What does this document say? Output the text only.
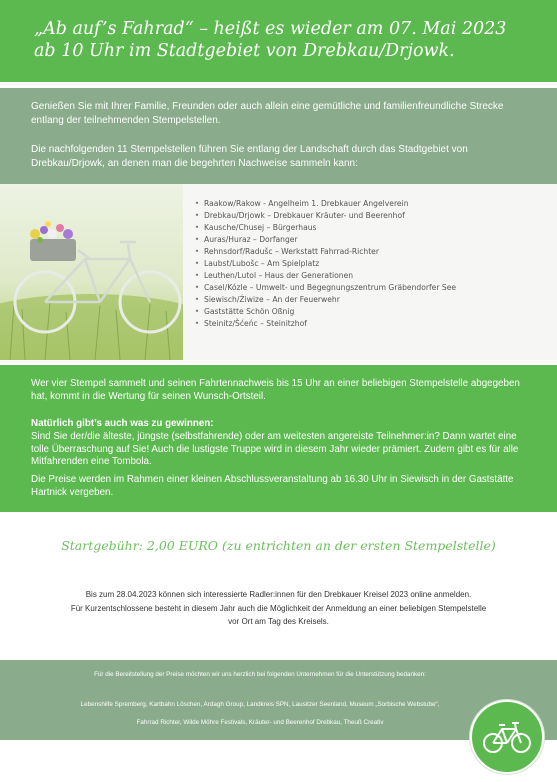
„Ab auf’s Fahrad“ – heißt es wieder am 07. Mai 2023
ab 10 Uhr im Stadtgebiet von Drebkau/Drjowk.

Genießen Sie mit Ihrer Familie, Freunden oder auch allein eine gemütliche und familienfreundliche Strecke entlang der teilnehmenden Stempelstellen.

Die nachfolgenden 11 Stempelstellen führen Sie entlang der Landschaft durch das Stadtgebiet von Drebkau/Drjowk, an denen man die begehrten Nachweise sammeln kann:

• Raakow/Rakow - Angelheim 1. Drebkauer Angelverein
• Drebkau/Drjowk – Drebkauer Kräuter- und Beerenhof
• Kausche/Chusej – Bürgerhaus
• Auras/Huraz – Dorfanger
• Rehnsdorf/Radušc – Werkstatt Fahrrad-Richter
• Laubst/Lubošc – Am Spielplatz
• Leuthen/Lutol – Haus der Generationen
• Casel/Kózle – Umwelt- und Begegnungszentrum Gräbendorfer See
• Siewisch/Źiwize – An der Feuerwehr
• Gaststätte Schön Oßnig
• Steinitz/Šćeńc – Steinitzhof

Wer vier Stempel sammelt und seinen Fahrtennachweis bis 15 Uhr an einer beliebigen Stempelstelle abgegeben hat, kommt in die Wertung für seinen Wunsch-Ortsteil.

Natürlich gibt’s auch was zu gewinnen:

Sind Sie der/die älteste, jüngste (selbstfahrende) oder am weitesten angereiste Teilnehmer:in? Dann wartet eine tolle Überraschung auf Sie! Auch die lustigste Truppe wird in diesem Jahr wieder prämiert. Zudem gibt es für alle Mitfahrenden eine Tombola.

Die Preise werden im Rahmen einer kleinen Abschlussveranstaltung ab 16.30 Uhr in Siewisch in der Gaststätte Hartnick vergeben.

Startgebühr: 2,00 EURO (zu entrichten an der ersten Stempelstelle)
Bis zum 28.04.2023 können sich interessierte Radler:innen für den Drebkauer Kreisel 2023 online anmelden.
Für Kurzentschlossene besteht in diesem Jahr auch die Möglichkeit der Anmeldung an einer beliebigen Stempelstelle
vor Ort am Tag des Kreisels.

Für die Bereitstellung der Preise möchten wir uns herzlich bei folgenden Unternehmen für die Unterstützung bedanken:

Lebenshilfe Spremberg, Kartbahn Löschen, Ardagh Group, Landkreis SPN, Lausitzer Seenland, Museum „Sorbische Webstube“,

Fahrrad Richter, Wilde Möhre Festivals, Kräuter- und Beerenhof Drebkau, Theuß Creativ
